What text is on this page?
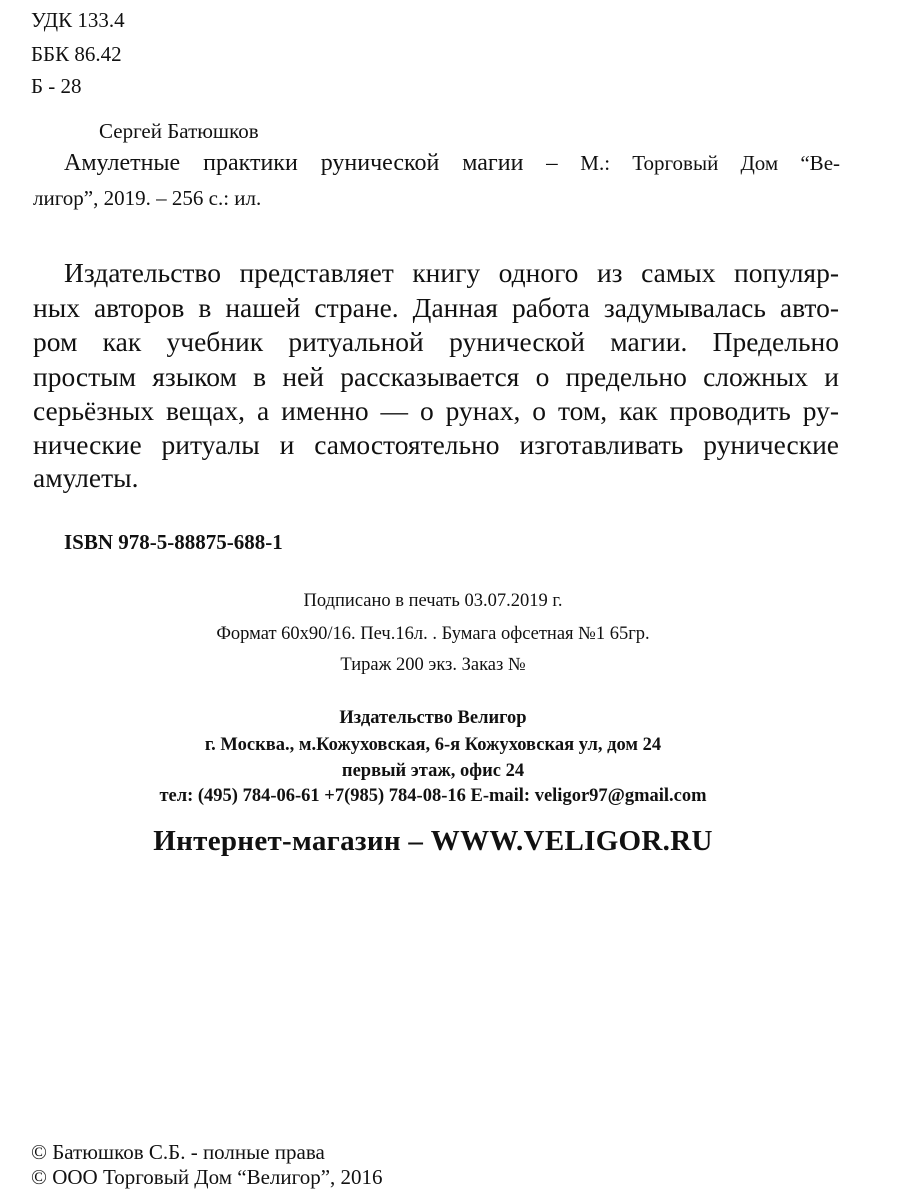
УДК 133.4

ББК 86.42

Б - 28

Сергей Батюшков

Амулетные практики рунической магии – М.: Торговый Дом “Ве-

лигор”, 2019. – 256 с.: ил.

Издательство представляет книгу одного из самых популяр-

ных авторов в нашей стране. Данная работа задумывалась авто-

ром как учебник ритуальной рунической магии. Предельно

простым языком в ней рассказывается о предельно сложных и

серьёзных вещах, а именно — о рунах, о том, как проводить ру-

нические ритуалы и самостоятельно изготавливать рунические

амулеты.

ISBN 978-5-88875-688-1

Подписано в печать 03.07.2019 г.

Формат 60х90/16. Печ.16л. . Бумага офсетная №1 65гр.

Тираж 200 экз. Заказ №

Издательство Велигор

г. Москва., м.Кожуховская, 6-я Кожуховская ул, дом 24

первый этаж, офис 24

тел: (495) 784-06-61 +7(985) 784-08-16 E-mail: veligor97@gmail.com

Интернет-магазин – WWW.VELIGOR.RU

© Батюшков С.Б. - полные права

© ООО Торговый Дом “Велигор”, 2016
